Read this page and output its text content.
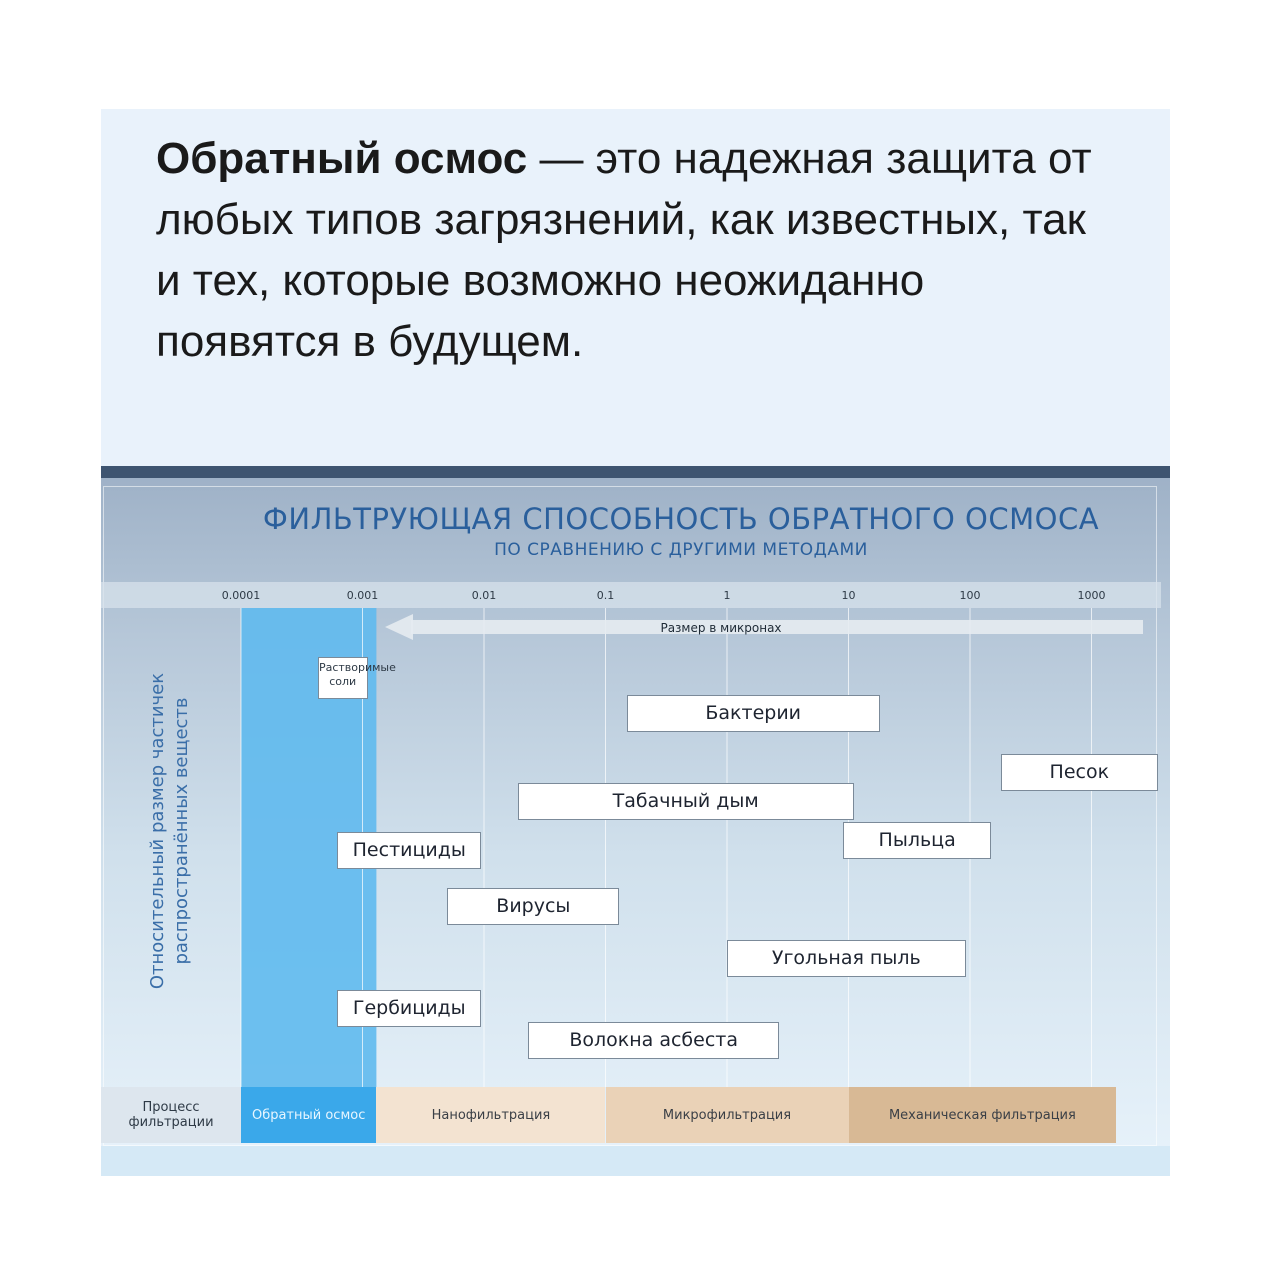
Обратный осмос — это надежная защита от любых типов загрязнений, как известных, так и тех, которые возможно неожиданно появятся в будущем.

ФИЛЬТРУЮЩАЯ СПОСОБНОСТЬ ОБРАТНОГО ОСМОСА

ПО СРАВНЕНИЮ С ДРУГИМИ МЕТОДАМИ

0.0001	0.001	0.01	0.1	1	10	100	1000
Размер в микронах
Растворимые соли
Бактерии
Песок
Табачный дым
Пыльца
Пестициды
Вирусы
Угольная пыль
Гербициды
Волокна асбеста
Относительный размер частичек распространённых веществ
Процесс фильтрации	Обратный осмос	Нанофильтрация	Микрофильтрация	Механическая фильтрация
